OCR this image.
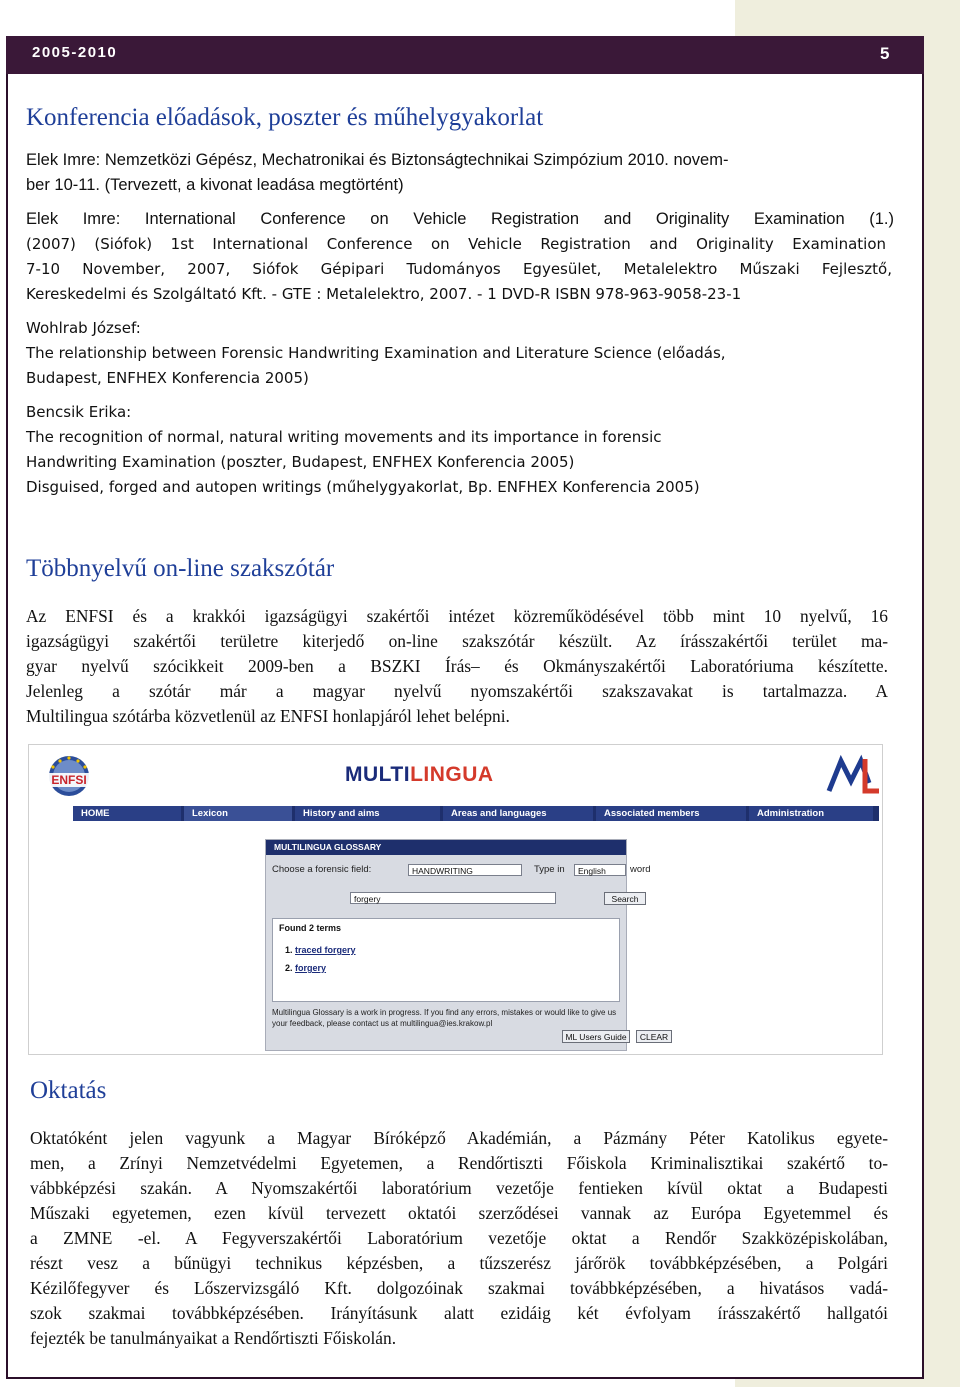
2005-2010	5
Konferencia előadások, poszter és műhelygyakorlat
Elek Imre: Nemzetközi Gépész, Mechatronikai és Biztonságtechnikai Szimpózium 2010. novem-
ber 10-11. (Tervezett, a kivonat leadása megtörtént)
Elek Imre: International Conference on Vehicle Registration and Originality Examination (1.)
(2007) (Siófok) 1st International Conference on Vehicle Registration and Originality Examination
7-10 November, 2007, Siófok Gépipari Tudományos Egyesület, Metalelektro Műszaki Fejlesztő,
Kereskedelmi és Szolgáltató Kft. - GTE : Metalelektro, 2007. - 1 DVD-R ISBN 978-963-9058-23-1
Wohlrab József:
The relationship between Forensic Handwriting Examination and Literature Science (előadás,
Budapest, ENFHEX Konferencia 2005)
Bencsik Erika:
The recognition of normal, natural writing movements and its importance in forensic
Handwriting Examination (poszter, Budapest, ENFHEX Konferencia 2005)
Disguised, forged and autopen writings (műhelygyakorlat, Bp. ENFHEX Konferencia 2005)
Többnyelvű on-line szakszótár
Az ENFSI és a krakkói igazságügyi szakértői intézet közreműködésével több mint 10 nyelvű, 16
igazságügyi szakértői területre kiterjedő on-line szakszótár készült. Az írásszakértői terület ma-
gyar nyelvű szócikkeit 2009-ben a BSZKI Írás– és Okmányszakértői Laboratóriuma készítette.
Jelenleg a szótár már a magyar nyelvű nyomszakértői szakszavakat is tartalmazza. A
Multilingua szótárba közvetlenül az ENFSI honlapjáról lehet belépni.
ENFSI	MULTILINGUA
HOME	Lexicon	History and aims	Areas and languages	Associated members	Administration
MULTILINGUA GLOSSARY
Choose a forensic field:	HANDWRITING	Type in	English	word
forgery	Search
Found 2 terms
1. traced forgery
2. forgery
Multilingua Glossary is a work in progress. If you find any errors, mistakes or would like to give us your feedback, please contact us at multilingua@ies.krakow.pl
ML Users Guide	CLEAR
Oktatás
Oktatóként jelen vagyunk a Magyar Bíróképző Akadémián, a Pázmány Péter Katolikus egyete-
men, a Zrínyi Nemzetvédelmi Egyetemen, a Rendőrtiszti Főiskola Kriminalisztikai szakértő to-
vábbképzési szakán. A Nyomszakértői laboratórium vezetője fentieken kívül oktat a Budapesti
Műszaki egyetemen, ezen kívül tervezett oktatói szerződései vannak az Európa Egyetemmel és
a ZMNE -el. A Fegyverszakértői Laboratórium vezetője oktat a Rendőr Szakközépiskolában,
részt vesz a bűnügyi technikus képzésben, a tűzszerész járőrök továbbképzésében, a Polgári
Kézilőfegyver és Lőszervizsgáló Kft. dolgozóinak szakmai továbbképzésében, a hivatásos vadá-
szok szakmai továbbképzésében. Irányításunk alatt ezidáig két évfolyam írásszakértő hallgatói
fejezték be tanulmányaikat a Rendőrtiszti Főiskolán.
